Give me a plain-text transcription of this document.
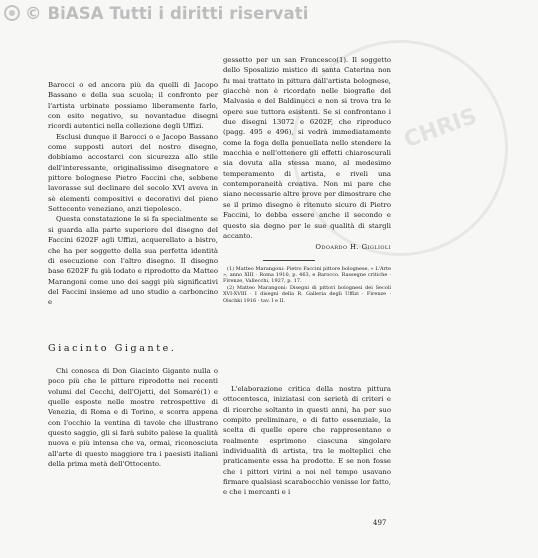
© BiASA Tutti i diritti riservati
CHRIS

Barocci o ed ancora più da quelli di Jacopo Bassano e della sua scuola; il confronto per l'artista urbinate possiamo liberamente farlo, con esito negativo, su novantadue disegni ricordi autentici nella collezione degli Uffizi.

Esclusi dunque il Barocci o e Jacopo Bassano come supposti autori del nostro disegno, dobbiamo accostarci con sicurezza allo stile dell'interessante, originalissimo disegnatore e pittore bolognese Pietro Faccini che, sebbene lavorasse sul declinare del secolo XVI aveva in sè elementi compositivi e decorativi del pieno Settecento veneziano, anzi tiepolesco.

Questa constatazione le si fa specialmente se si guarda alla parte superiore del disegno del Faccini 6202F agli Uffizi, acquerellato a bistro, che ha per soggetto della sua perfetta identità di esecuzione con l'altro disegno. Il disegno base 6202F fu già lodato e riprodotto da Matteo Marangoni come uno dei saggi più significativi del Faccini insieme ad uno studio a carboncino e

gessetto per un san Francesco(1). Il soggetto dello Sposalizio mistico di santa Caterina non fu mai trattato in pittura dall'artista bolognese, giacchè non è ricordato nelle biografie del Malvasia e del Baldinucci e non si trova tra le opere sue tuttora esistenti. Se si confrontano i due disegni 13072 e 6202F, che riproduco (pagg. 495 e 496), si vedrà immediatamente come la foga della penuellata nello stendere la macchia e nell'ottenere gli effetti chiaroscurali sia dovuta alla stessa mano, al medesimo temperamento di artista, e riveli una contemporaneità creativa. Non mi pare che siano necessarie altre prove per dimostrare che se il primo disegno è ritenuto sicuro di Pietro Faccini, lo debba essere anche il secondo e questo sia degno per le sue qualità di stargli accanto.

Odoardo H. Giglioli

(1) Matteo Marangoni: Pietro Faccini pittore bolognese, « L'Arte », anno XIII · Roma 1910, p. 463, e Barocco. Rassegne critiche · Firenze, Vallecchi, 1927, p. 17.

(2) Matteo Marangoni: Disegni di pittori bolognesi dei Secoli XVI-XVIII · I disegni della R. Galleria degli Uffizi · Firenze · Olschki 1916 · tav. I e II.

Giacinto Gigante.

Chi conosca di Don Giacinto Gigante nulla o poco più che le pitture riprodotte nei recenti volumi del Cecchi, dell'Ojetti, del Somaré(1) e quelle esposte nelle mostre retrospettive di Venezia, di Roma e di Torino, e scorra appena con l'occhio la ventina di tavole che illustrano questo saggio, gli si farà subito palese la qualità nuova e più intensa che va, ormai, riconosciuta all'arte di questo maggiore tra i paesisti italiani della prima metà dell'Ottocento.

L'elaborazione critica della nostra pittura ottocentesca, iniziatasi con serietà di criteri e di ricerche soltanto in questi anni, ha per suo compito preliminare, e di fatto essenziale, la scelta di quelle opere che rappresentano e realmente esprimono ciascuna singolare individualità di artista, tra le molteplici che praticamente essa ha prodotte. E se non fosse che i pittori virini a noi nel tempo usavano firmare qualsiasi scarabocchio venisse lor fatto, e che i mercanti e i

497
